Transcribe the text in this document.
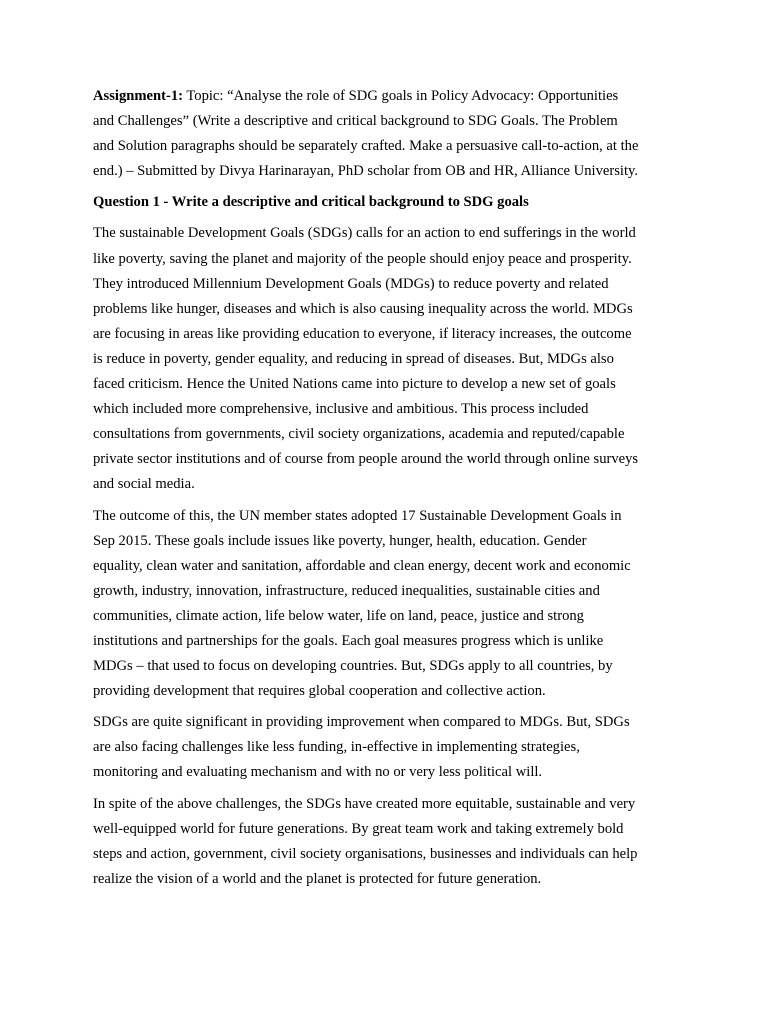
Assignment-1: Topic: “Analyse the role of SDG goals in Policy Advocacy: Opportunities
and Challenges” (Write a descriptive and critical background to SDG Goals. The Problem
and Solution paragraphs should be separately crafted. Make a persuasive call-to-action, at the
end.) – Submitted by Divya Harinarayan, PhD scholar from OB and HR, Alliance University.

Question 1 - Write a descriptive and critical background to SDG goals

The sustainable Development Goals (SDGs) calls for an action to end sufferings in the world
like poverty, saving the planet and majority of the people should enjoy peace and prosperity.
They introduced Millennium Development Goals (MDGs) to reduce poverty and related
problems like hunger, diseases and which is also causing inequality across the world. MDGs
are focusing in areas like providing education to everyone, if literacy increases, the outcome
is reduce in poverty, gender equality, and reducing in spread of diseases. But, MDGs also
faced criticism. Hence the United Nations came into picture to develop a new set of goals
which included more comprehensive, inclusive and ambitious. This process included
consultations from governments, civil society organizations, academia and reputed/capable
private sector institutions and of course from people around the world through online surveys
and social media.

The outcome of this, the UN member states adopted 17 Sustainable Development Goals in
Sep 2015. These goals include issues like poverty, hunger, health, education. Gender
equality, clean water and sanitation, affordable and clean energy, decent work and economic
growth, industry, innovation, infrastructure, reduced inequalities, sustainable cities and
communities, climate action, life below water, life on land, peace, justice and strong
institutions and partnerships for the goals. Each goal measures progress which is unlike
MDGs – that used to focus on developing countries. But, SDGs apply to all countries, by
providing development that requires global cooperation and collective action.

SDGs are quite significant in providing improvement when compared to MDGs. But, SDGs
are also facing challenges like less funding, in-effective in implementing strategies,
monitoring and evaluating mechanism and with no or very less political will.

In spite of the above challenges, the SDGs have created more equitable, sustainable and very
well-equipped world for future generations. By great team work and taking extremely bold
steps and action, government, civil society organisations, businesses and individuals can help
realize the vision of a world and the planet is protected for future generation.
